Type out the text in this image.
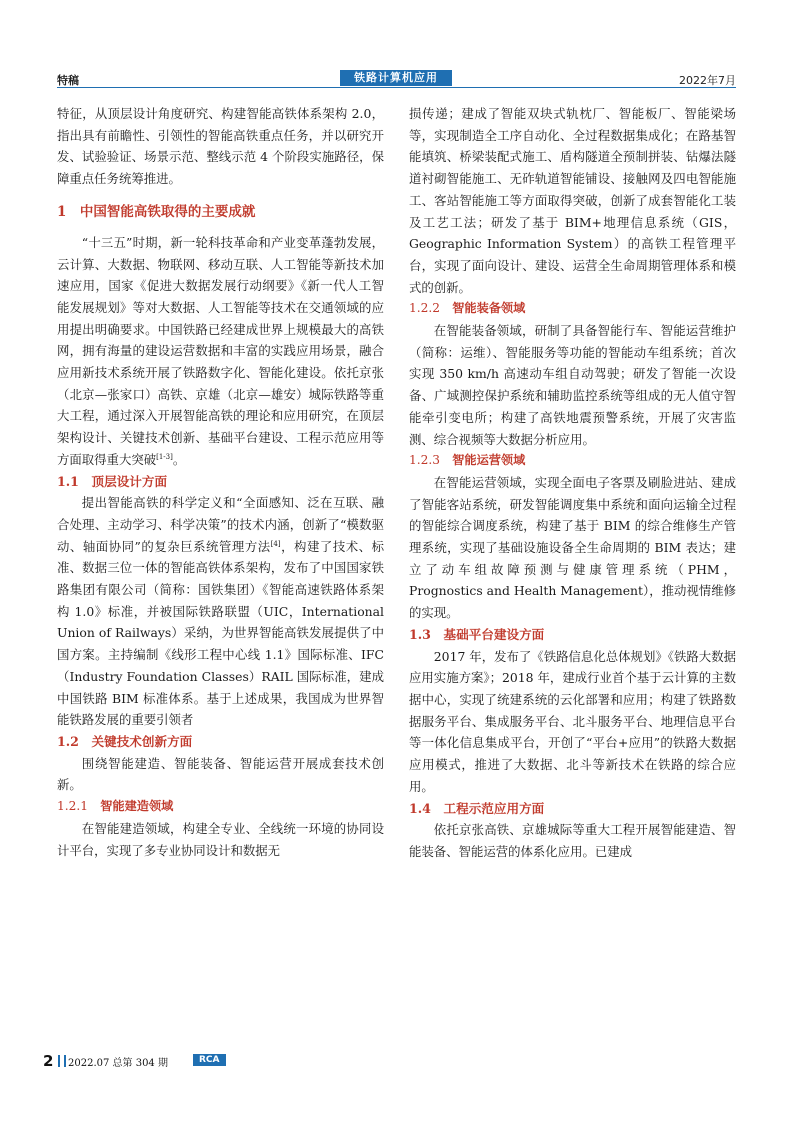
特稿	铁路计算机应用	2022年7月

特征，从顶层设计角度研究、构建智能高铁体系架构 2.0，指出具有前瞻性、引领性的智能高铁重点任务，并以研究开发、试验验证、场景示范、整线示范 4 个阶段实施路径，保障重点任务统筹推进。

1　中国智能高铁取得的主要成就

“十三五”时期，新一轮科技革命和产业变革蓬勃发展，云计算、大数据、物联网、移动互联、人工智能等新技术加速应用，国家《促进大数据发展行动纲要》《新一代人工智能发展规划》等对大数据、人工智能等技术在交通领域的应用提出明确要求。中国铁路已经建成世界上规模最大的高铁网，拥有海量的建设运营数据和丰富的实践应用场景，融合应用新技术系统开展了铁路数字化、智能化建设。依托京张（北京—张家口）高铁、京雄（北京—雄安）城际铁路等重大工程，通过深入开展智能高铁的理论和应用研究，在顶层架构设计、关键技术创新、基础平台建设、工程示范应用等方面取得重大突破[1-3]。

1.1　顶层设计方面

提出智能高铁的科学定义和“全面感知、泛在互联、融合处理、主动学习、科学决策”的技术内涵，创新了“模数驱动、轴面协同”的复杂巨系统管理方法[4]，构建了技术、标准、数据三位一体的智能高铁体系架构，发布了中国国家铁路集团有限公司（简称：国铁集团）《智能高速铁路体系架构 1.0》标准，并被国际铁路联盟（UIC，International Union of Railways）采纳，为世界智能高铁发展提供了中国方案。主持编制《线形工程中心线 1.1》国际标准、IFC（Industry Foundation Classes）RAIL 国际标准，建成中国铁路 BIM 标准体系。基于上述成果，我国成为世界智能铁路发展的重要引领者

1.2　关键技术创新方面

围绕智能建造、智能装备、智能运营开展成套技术创新。

1.2.1　 智能建造领域

在智能建造领域，构建全专业、全线统一环境的协同设计平台，实现了多专业协同设计和数据无

损传递；建成了智能双块式轨枕厂、智能板厂、智能梁场等，实现制造全工序自动化、全过程数据集成化；在路基智能填筑、桥梁装配式施工、盾构隧道全预制拼装、钻爆法隧道衬砌智能施工、无砟轨道智能铺设、接触网及四电智能施工、客站智能施工等方面取得突破，创新了成套智能化工装及工艺工法；研发了基于 BIM+地理信息系统（GIS，Geographic Information System）的高铁工程管理平台，实现了面向设计、建设、运营全生命周期管理体系和模式的创新。

1.2.2　 智能装备领域

在智能装备领域，研制了具备智能行车、智能运营维护（简称：运维）、智能服务等功能的智能动车组系统；首次实现 350 km/h 高速动车组自动驾驶；研发了智能一次设备、广域测控保护系统和辅助监控系统等组成的无人值守智能牵引变电所；构建了高铁地震预警系统，开展了灾害监测、综合视频等大数据分析应用。

1.2.3　 智能运营领域

在智能运营领域，实现全面电子客票及刷脸进站、建成了智能客站系统，研发智能调度集中系统和面向运输全过程的智能综合调度系统，构建了基于 BIM 的综合维修生产管理系统，实现了基础设施设备全生命周期的 BIM 表达；建立了动车组故障预测与健康管理系统（PHM，Prognostics and Health Management），推动视情维修的实现。

1.3　基础平台建设方面

2017 年，发布了《铁路信息化总体规划》《铁路大数据应用实施方案》；2018 年，建成行业首个基于云计算的主数据中心，实现了统建系统的云化部署和应用；构建了铁路数据服务平台、集成服务平台、北斗服务平台、地理信息平台等一体化信息集成平台，开创了“平台+应用”的铁路大数据应用模式，推进了大数据、北斗等新技术在铁路的综合应用。

1.4　工程示范应用方面

依托京张高铁、京雄城际等重大工程开展智能建造、智能装备、智能运营的体系化应用。已建成

2 2022.07 总第 304 期	RCA
